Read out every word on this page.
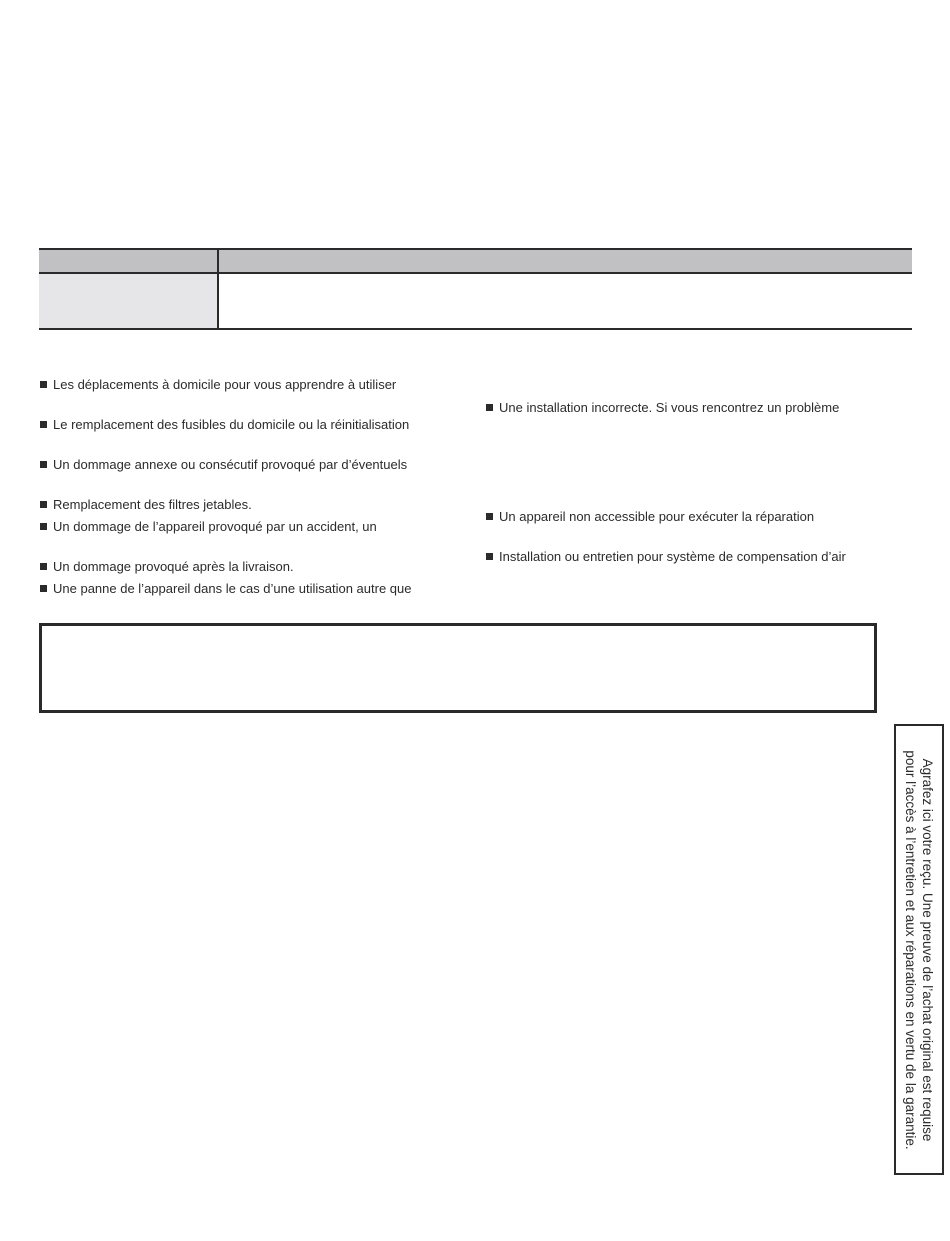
Les déplacements à domicile pour vous apprendre à utiliser
Le remplacement des fusibles du domicile ou la réinitialisation
Un dommage annexe ou consécutif provoqué par d’éventuels
Remplacement des filtres jetables.
Un dommage de l’appareil provoqué par un accident, un
Un dommage provoqué après la livraison.
Une panne de l’appareil dans le cas d’une utilisation autre que
Une installation incorrecte. Si vous rencontrez un problème
Un appareil non accessible pour exécuter la réparation
Installation ou entretien pour système de compensation d’air
Agrafez ici votre reçu. Une preuve de l’achat original est requise
pour l’accès à l’entretien et aux réparations en vertu de la garantie.
